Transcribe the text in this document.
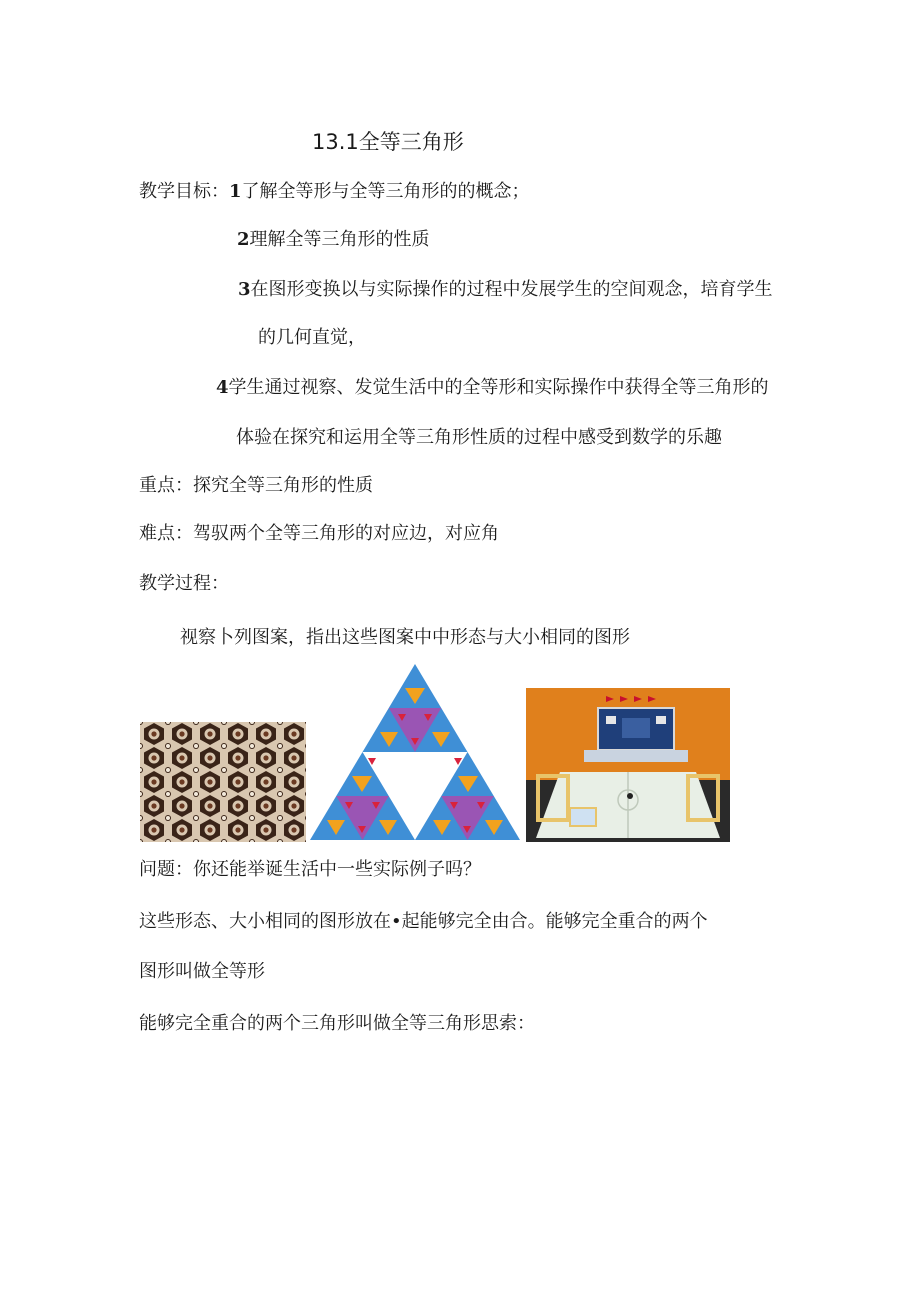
13.1全等三角形
教学目标：1了解全等形与全等三角形的的概念；
2理解全等三角形的性质
3在图形变换以与实际操作的过程中发展学生的空间观念，培育学生
的几何直觉，
4学生通过视察、发觉生活中的全等形和实际操作中获得全等三角形的
体验在探究和运用全等三角形性质的过程中感受到数学的乐趣
重点：探究全等三角形的性质
难点：驾驭两个全等三角形的对应边，对应角
教学过程：
视察卜列图案，指出这些图案中中形态与大小相同的图形
问题：你还能举诞生活中一些实际例子吗？
这些形态、大小相同的图形放在•起能够完全由合。能够完全重合的两个
图形叫做全等形
能够完全重合的两个三角形叫做全等三角形思索：
